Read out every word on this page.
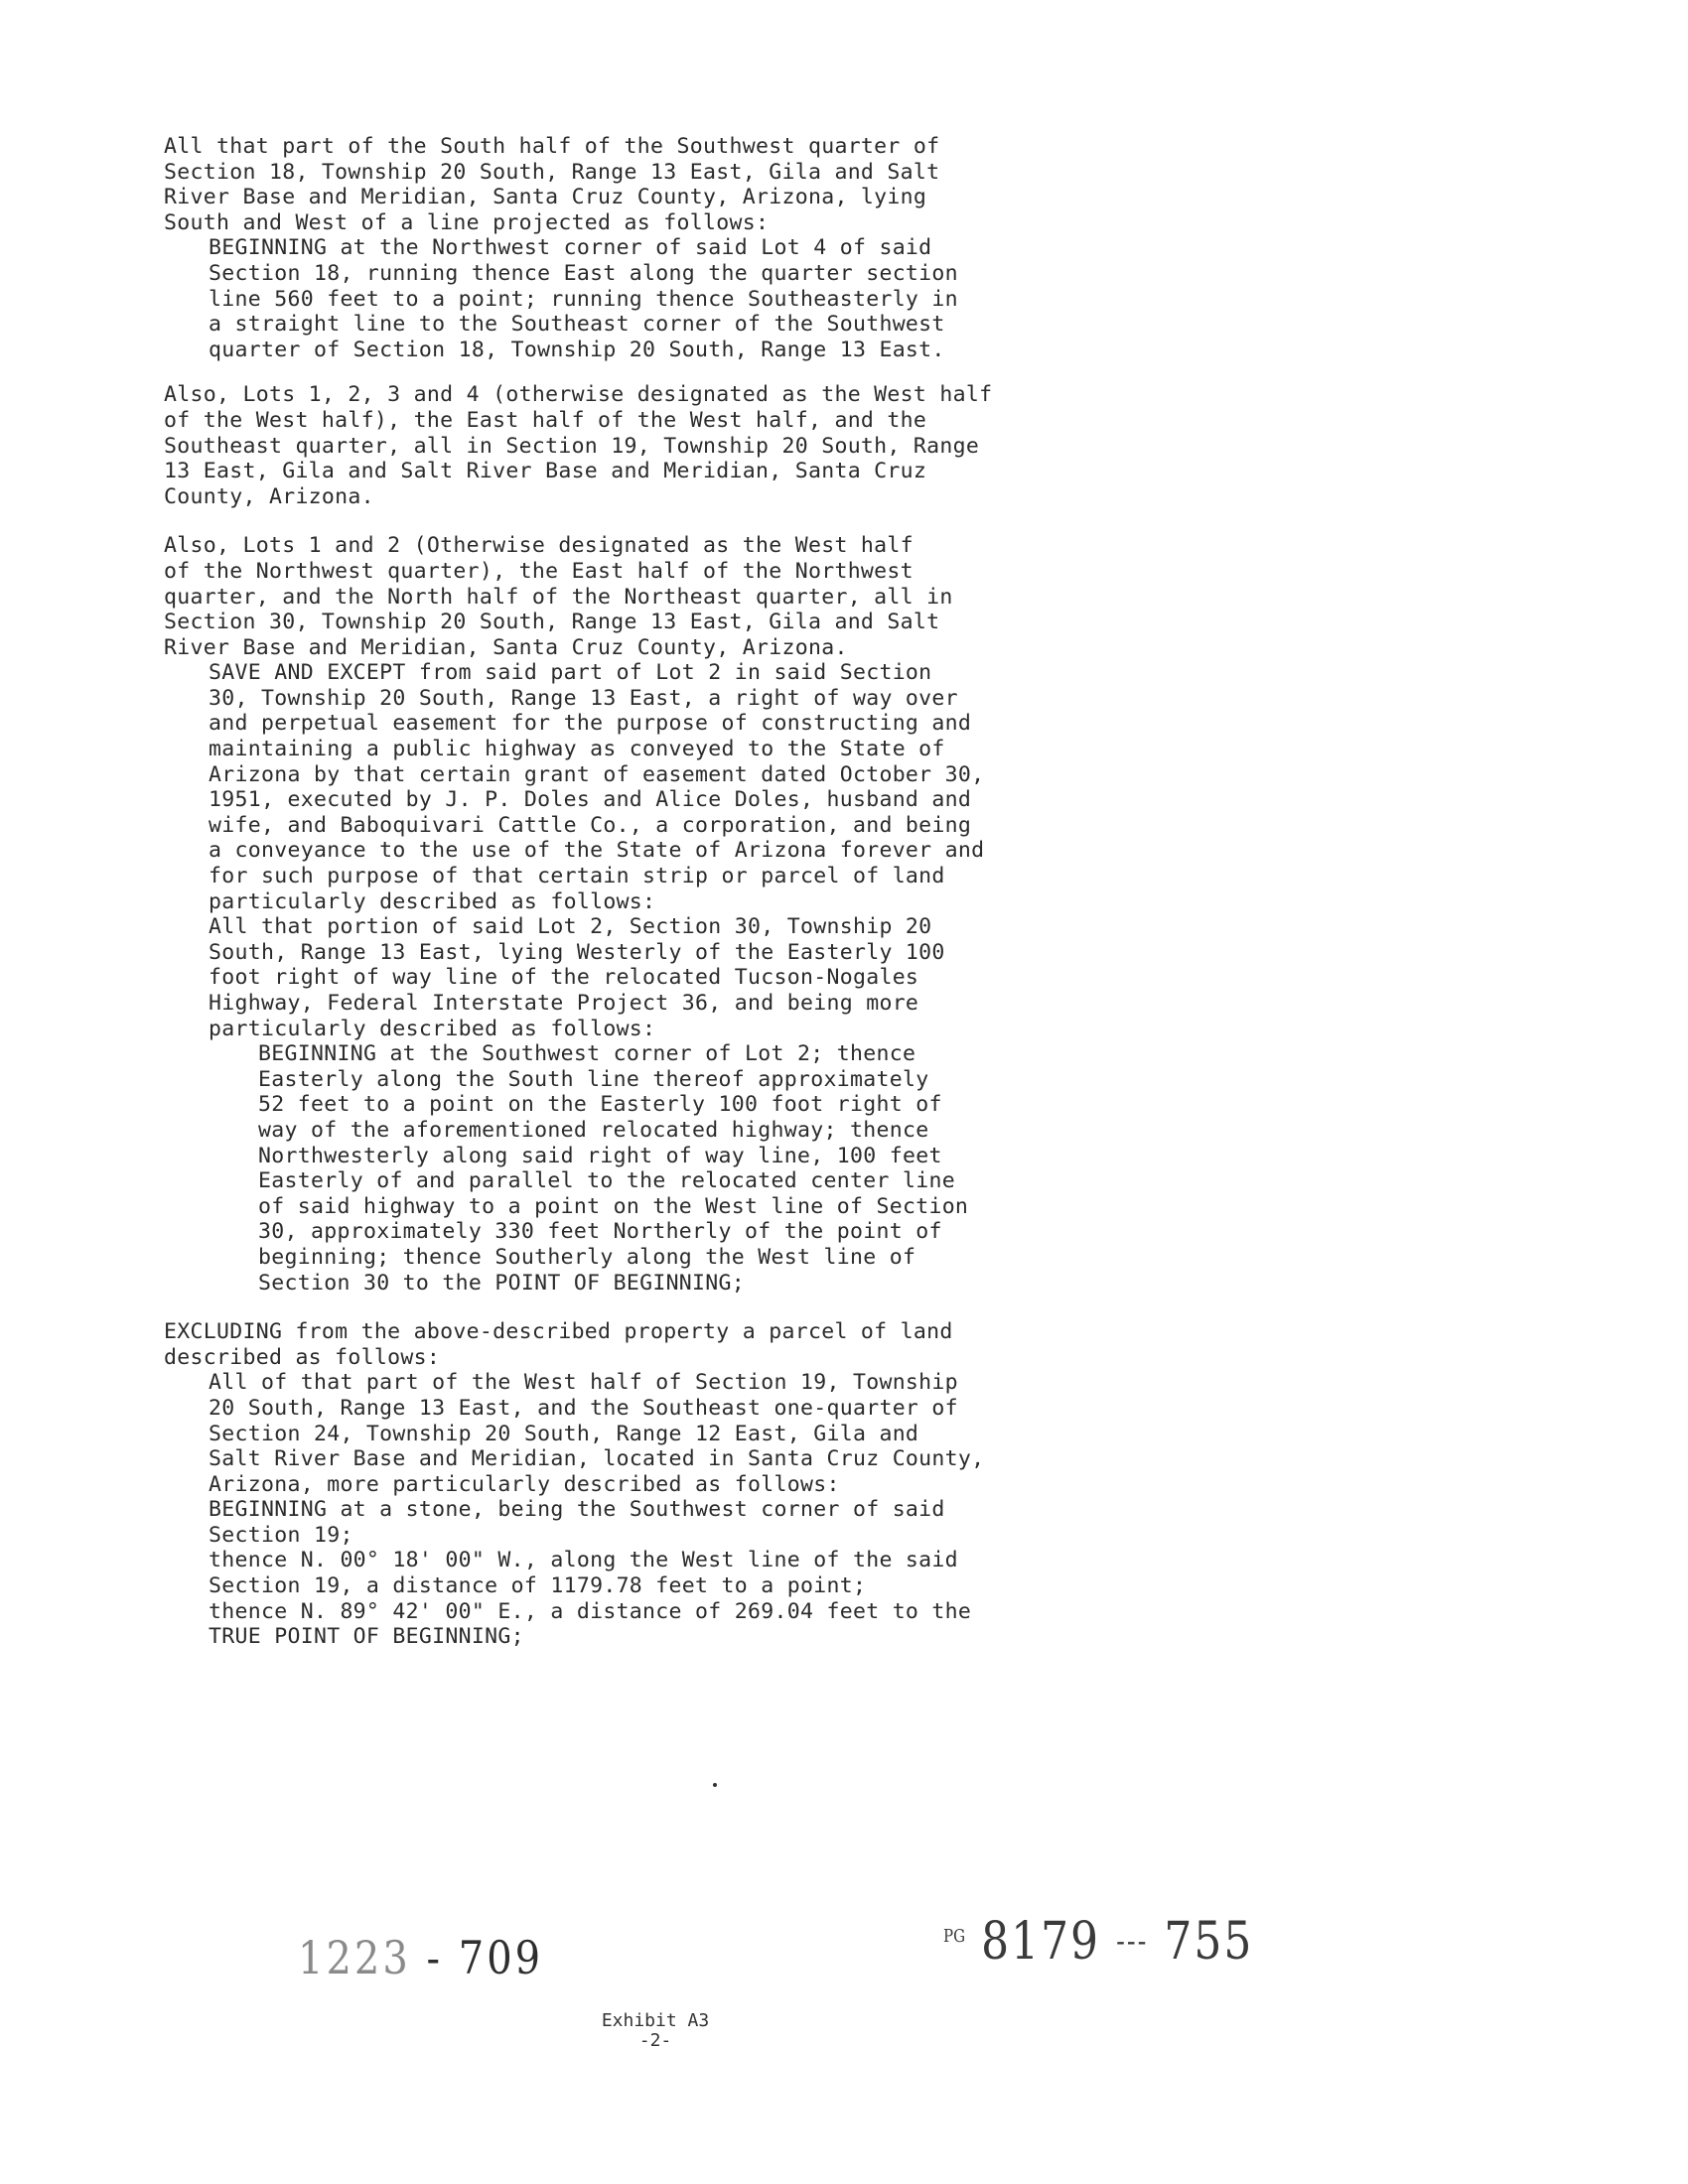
All that part of the South half of the Southwest quarter of
Section 18, Township 20 South, Range 13 East, Gila and Salt
River Base and Meridian, Santa Cruz County, Arizona, lying
South and West of a line projected as follows:
BEGINNING at the Northwest corner of said Lot 4 of said
Section 18, running thence East along the quarter section
line 560 feet to a point; running thence Southeasterly in
a straight line to the Southeast corner of the Southwest
quarter of Section 18, Township 20 South, Range 13 East.
Also, Lots 1, 2, 3 and 4 (otherwise designated as the West half
of the West half), the East half of the West half, and the
Southeast quarter, all in Section 19, Township 20 South, Range
13 East, Gila and Salt River Base and Meridian, Santa Cruz
County, Arizona.
Also, Lots 1 and 2 (Otherwise designated as the West half
of the Northwest quarter), the East half of the Northwest
quarter, and the North half of the Northeast quarter, all in
Section 30, Township 20 South, Range 13 East, Gila and Salt
River Base and Meridian, Santa Cruz County, Arizona.
SAVE AND EXCEPT from said part of Lot 2 in said Section
30, Township 20 South, Range 13 East, a right of way over
and perpetual easement for the purpose of constructing and
maintaining a public highway as conveyed to the State of
Arizona by that certain grant of easement dated October 30,
1951, executed by J. P. Doles and Alice Doles, husband and
wife, and Baboquivari Cattle Co., a corporation, and being
a conveyance to the use of the State of Arizona forever and
for such purpose of that certain strip or parcel of land
particularly described as follows:
All that portion of said Lot 2, Section 30, Township 20
South, Range 13 East, lying Westerly of the Easterly 100
foot right of way line of the relocated Tucson-Nogales
Highway, Federal Interstate Project 36, and being more
particularly described as follows:
BEGINNING at the Southwest corner of Lot 2; thence
Easterly along the South line thereof approximately
52 feet to a point on the Easterly 100 foot right of
way of the aforementioned relocated highway; thence
Northwesterly along said right of way line, 100 feet
Easterly of and parallel to the relocated center line
of said highway to a point on the West line of Section
30, approximately 330 feet Northerly of the point of
beginning; thence Southerly along the West line of
Section 30 to the POINT OF BEGINNING;
EXCLUDING from the above-described property a parcel of land
described as follows:
All of that part of the West half of Section 19, Township
20 South, Range 13 East, and the Southeast one-quarter of
Section 24, Township 20 South, Range 12 East, Gila and
Salt River Base and Meridian, located in Santa Cruz County,
Arizona, more particularly described as follows:
BEGINNING at a stone, being the Southwest corner of said
Section 19;
thence N. 00° 18' 00" W., along the West line of the said
Section 19, a distance of 1179.78 feet to a point;
thence N. 89° 42' 00" E., a distance of 269.04 feet to the
TRUE POINT OF BEGINNING;
1223 - 709	$^{PG}$ 8179 --- 755
Exhibit A3
-2-
